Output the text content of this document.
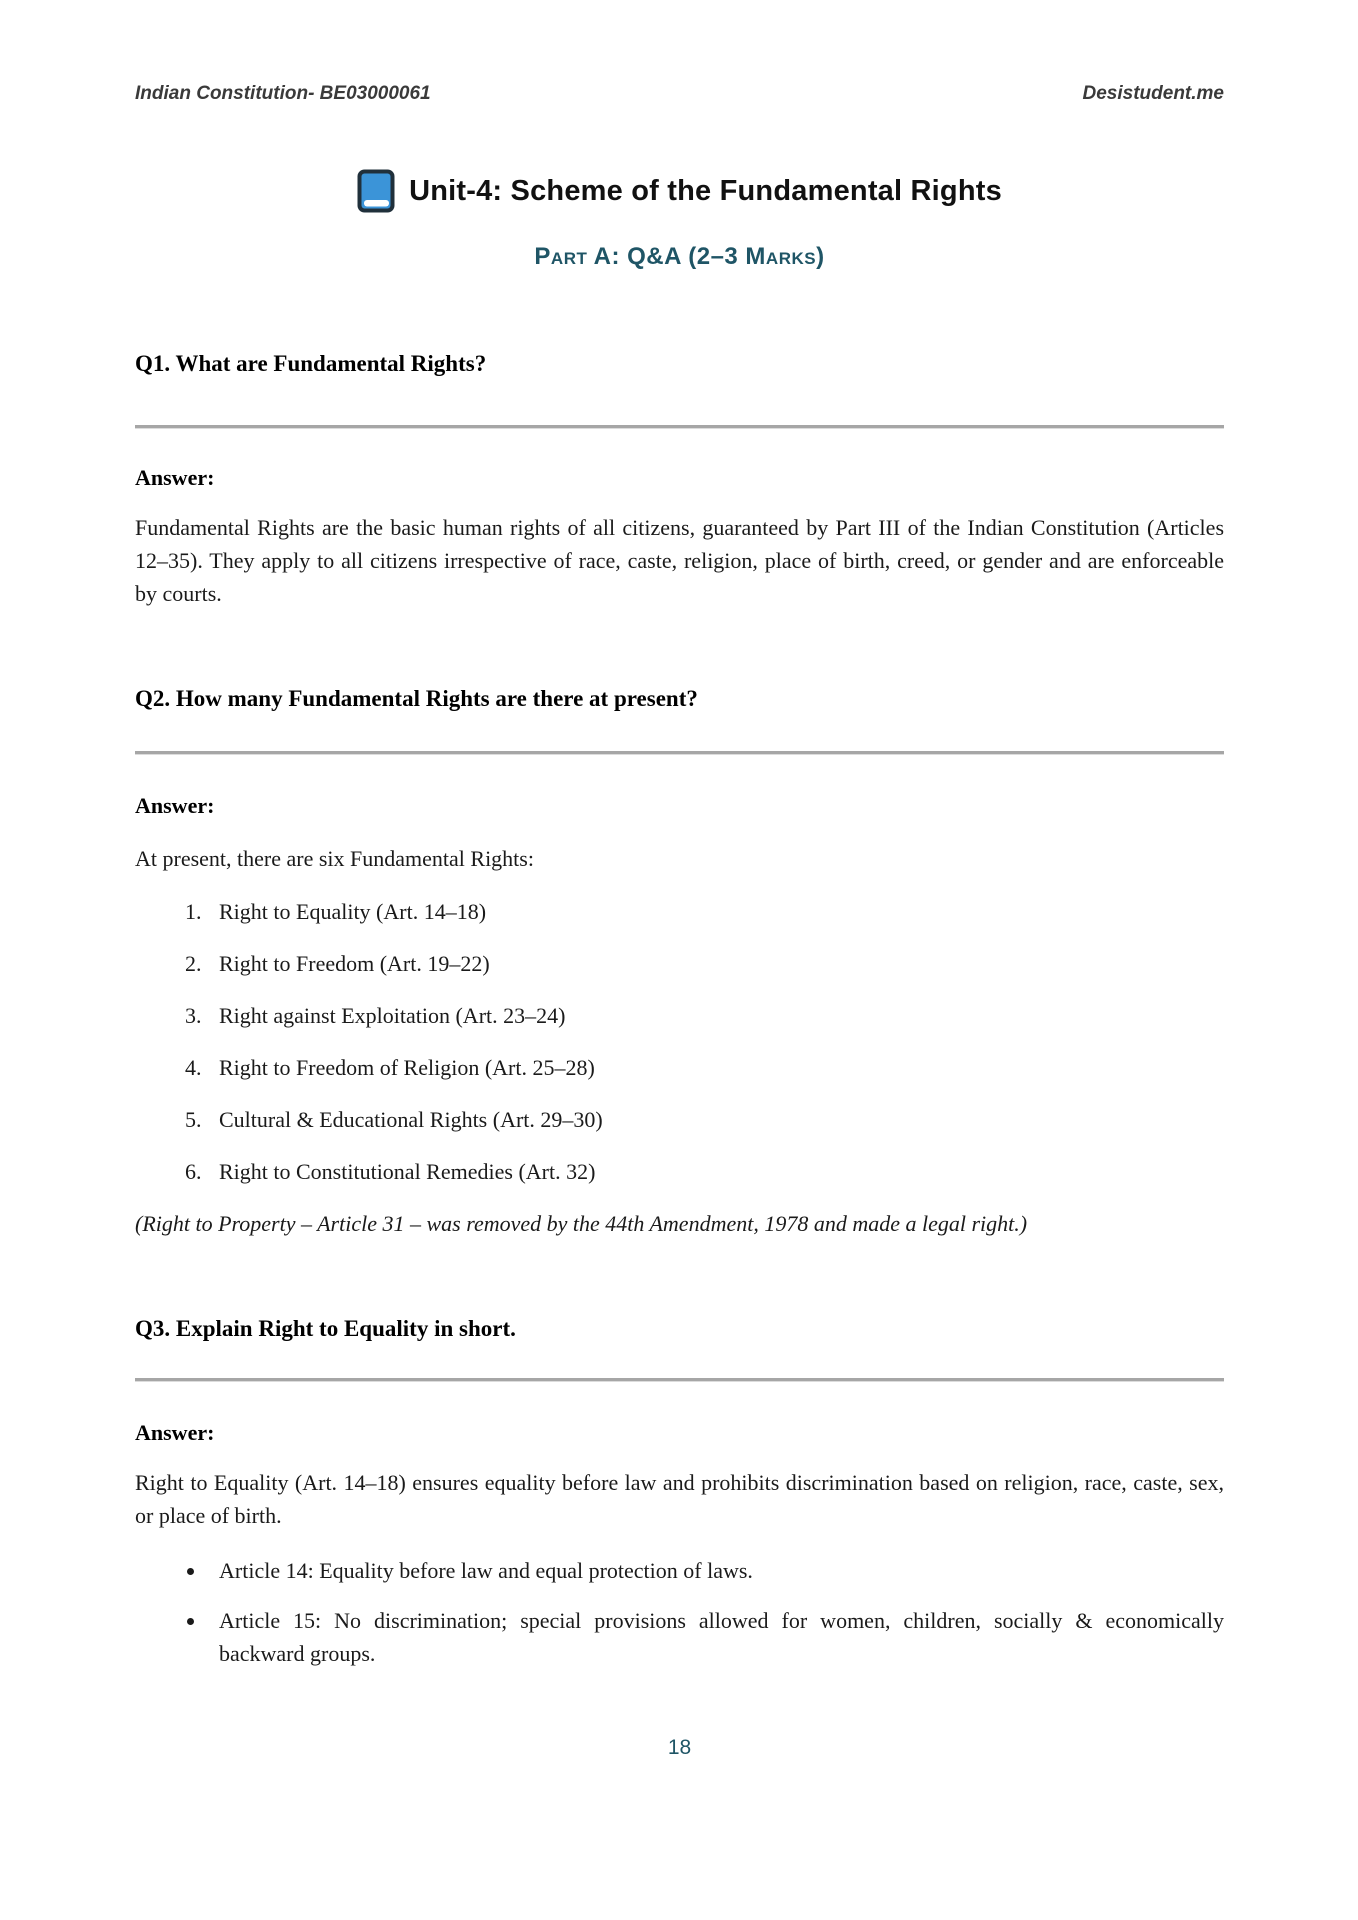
Indian Constitution- BE03000061	Desistudent.me
Unit-4: Scheme of the Fundamental Rights
Part A: Q&A (2–3 Marks)
Q1. What are Fundamental Rights?

Answer:

Fundamental Rights are the basic human rights of all citizens, guaranteed by Part III of the Indian Constitution (Articles 12–35). They apply to all citizens irrespective of race, caste, religion, place of birth, creed, or gender and are enforceable by courts.

Q2. How many Fundamental Rights are there at present?

Answer:

At present, there are six Fundamental Rights:

1. Right to Equality (Art. 14–18)
2. Right to Freedom (Art. 19–22)
3. Right against Exploitation (Art. 23–24)
4. Right to Freedom of Religion (Art. 25–28)
5. Cultural & Educational Rights (Art. 29–30)
6. Right to Constitutional Remedies (Art. 32)

(Right to Property – Article 31 – was removed by the 44th Amendment, 1978 and made a legal right.)

Q3. Explain Right to Equality in short.

Answer:

Right to Equality (Art. 14–18) ensures equality before law and prohibits discrimination based on religion, race, caste, sex, or place of birth.

• Article 14: Equality before law and equal protection of laws.
• Article 15: No discrimination; special provisions allowed for women, children, socially & economically backward groups.
18
